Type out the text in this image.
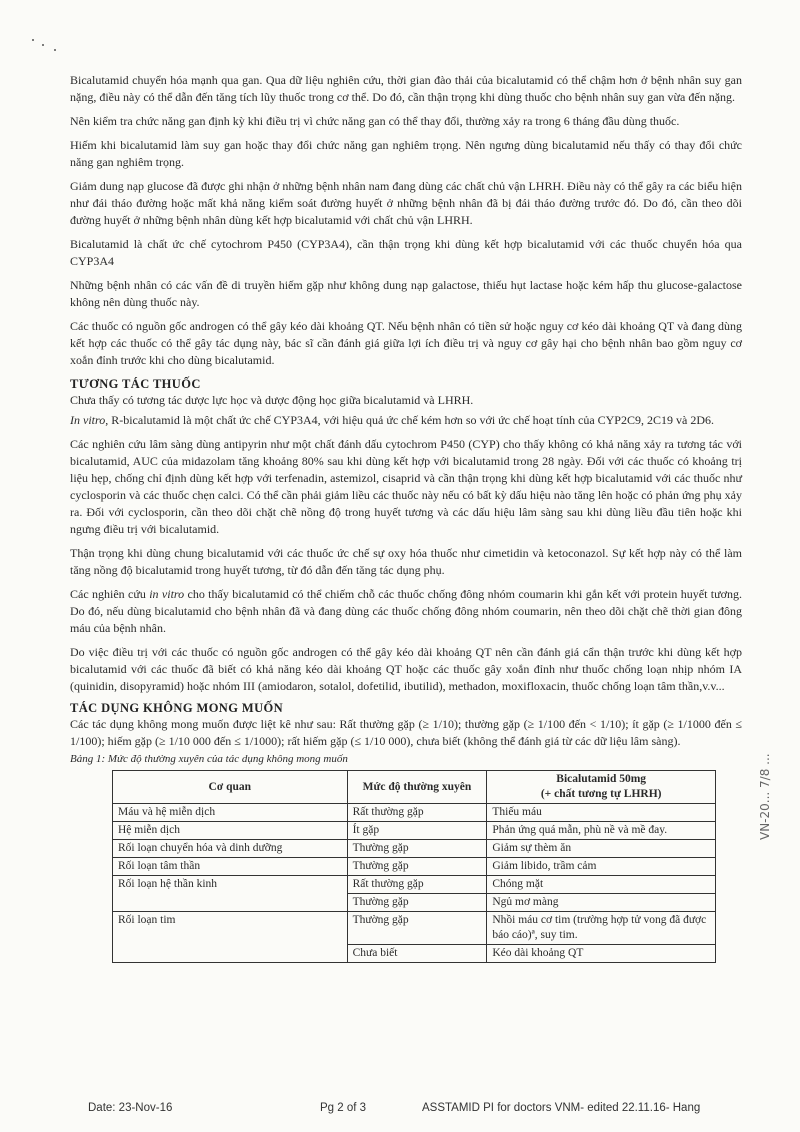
Bicalutamid chuyển hóa mạnh qua gan. Qua dữ liệu nghiên cứu, thời gian đào thải của bicalutamid có thể chậm hơn ở bệnh nhân suy gan nặng, điều này có thể dẫn đến tăng tích lũy thuốc trong cơ thể. Do đó, cần thận trọng khi dùng thuốc cho bệnh nhân suy gan vừa đến nặng.

Nên kiểm tra chức năng gan định kỳ khi điều trị vì chức năng gan có thể thay đổi, thường xảy ra trong 6 tháng đầu dùng thuốc.

Hiếm khi bicalutamid làm suy gan hoặc thay đổi chức năng gan nghiêm trọng. Nên ngưng dùng bicalutamid nếu thấy có thay đổi chức năng gan nghiêm trọng.

Giảm dung nạp glucose đã được ghi nhận ở những bệnh nhân nam đang dùng các chất chủ vận LHRH. Điều này có thể gây ra các biểu hiện như đái tháo đường hoặc mất khả năng kiểm soát đường huyết ở những bệnh nhân đã bị đái tháo đường trước đó. Do đó, cần theo dõi đường huyết ở những bệnh nhân dùng kết hợp bicalutamid với chất chủ vận LHRH.

Bicalutamid là chất ức chế cytochrom P450 (CYP3A4), cần thận trọng khi dùng kết hợp bicalutamid với các thuốc chuyển hóa qua CYP3A4

Những bệnh nhân có các vấn đề di truyền hiếm gặp như không dung nạp galactose, thiếu hụt lactase hoặc kém hấp thu glucose-galactose không nên dùng thuốc này.

Các thuốc có nguồn gốc androgen có thể gây kéo dài khoảng QT. Nếu bệnh nhân có tiền sử hoặc nguy cơ kéo dài khoảng QT và đang dùng kết hợp các thuốc có thể gây tác dụng này, bác sĩ cần đánh giá giữa lợi ích điều trị và nguy cơ gây hại cho bệnh nhân bao gồm nguy cơ xoắn đỉnh trước khi cho dùng bicalutamid.

TƯƠNG TÁC THUỐC

Chưa thấy có tương tác dược lực học và dược động học giữa bicalutamid và LHRH.

In vitro, R-bicalutamid là một chất ức chế CYP3A4, với hiệu quả ức chế kém hơn so với ức chế hoạt tính của CYP2C9, 2C19 và 2D6.

Các nghiên cứu lâm sàng dùng antipyrin như một chất đánh dấu cytochrom P450 (CYP) cho thấy không có khả năng xảy ra tương tác với bicalutamid, AUC của midazolam tăng khoảng 80% sau khi dùng kết hợp với bicalutamid trong 28 ngày. Đối với các thuốc có khoảng trị liệu hẹp, chống chỉ định dùng kết hợp với terfenadin, astemizol, cisaprid và cần thận trọng khi dùng kết hợp bicalutamid với các thuốc như cyclosporin và các thuốc chẹn calci. Có thể cần phải giảm liều các thuốc này nếu có bất kỳ dấu hiệu nào tăng lên hoặc có phản ứng phụ xảy ra. Đối với cyclosporin, cần theo dõi chặt chẽ nồng độ trong huyết tương và các dấu hiệu lâm sàng sau khi dùng liều đầu tiên hoặc khi ngưng điều trị với bicalutamid.

Thận trọng khi dùng chung bicalutamid với các thuốc ức chế sự oxy hóa thuốc như cimetidin và ketoconazol. Sự kết hợp này có thể làm tăng nồng độ bicalutamid trong huyết tương, từ đó dẫn đến tăng tác dụng phụ.

Các nghiên cứu in vitro cho thấy bicalutamid có thể chiếm chỗ các thuốc chống đông nhóm coumarin khi gắn kết với protein huyết tương. Do đó, nếu dùng bicalutamid cho bệnh nhân đã và đang dùng các thuốc chống đông nhóm coumarin, nên theo dõi chặt chẽ thời gian đông máu của bệnh nhân.

Do việc điều trị với các thuốc có nguồn gốc androgen có thể gây kéo dài khoảng QT nên cần đánh giá cẩn thận trước khi dùng kết hợp bicalutamid với các thuốc đã biết có khả năng kéo dài khoảng QT hoặc các thuốc gây xoắn đỉnh như thuốc chống loạn nhịp nhóm IA (quinidin, disopyramid) hoặc nhóm III (amiodaron, sotalol, dofetilid, ibutilid), methadon, moxifloxacin, thuốc chống loạn tâm thần,v.v...

TÁC DỤNG KHÔNG MONG MUỐN

Các tác dụng không mong muốn được liệt kê như sau: Rất thường gặp (≥ 1/10); thường gặp (≥ 1/100 đến < 1/10); ít gặp (≥ 1/1000 đến ≤ 1/100); hiếm gặp (≥ 1/10 000 đến ≤ 1/1000); rất hiếm gặp (≤ 1/10 000), chưa biết (không thể đánh giá từ các dữ liệu lâm sàng).

Bảng 1: Mức độ thường xuyên của tác dụng không mong muốn
Cơ quan	Mức độ thường xuyên	Bicalutamid 50mg
(+ chất tương tự LHRH)

Máu và hệ miễn dịch	Rất thường gặp	Thiếu máu
Hệ miễn dịch	Ít gặp	Phản ứng quá mẫn, phù nề và mề đay.
Rối loạn chuyển hóa và dinh dưỡng	Thường gặp	Giảm sự thèm ăn
Rối loạn tâm thần	Thường gặp	Giảm libido, trầm cảm
Rối loạn hệ thần kinh	Rất thường gặp	Chóng mặt
	Thường gặp	Ngủ mơ màng
Rối loạn tim	Thường gặp	Nhồi máu cơ tim (trường hợp tử vong đã được báo cáo)ª, suy tim.
	Chưa biết	Kéo dài khoảng QT
VN-20... 7/8 ...
Date: 23-Nov-16	Pg 2 of 3	ASSTAMID PI for doctors VNM- edited 22.11.16- Hang
